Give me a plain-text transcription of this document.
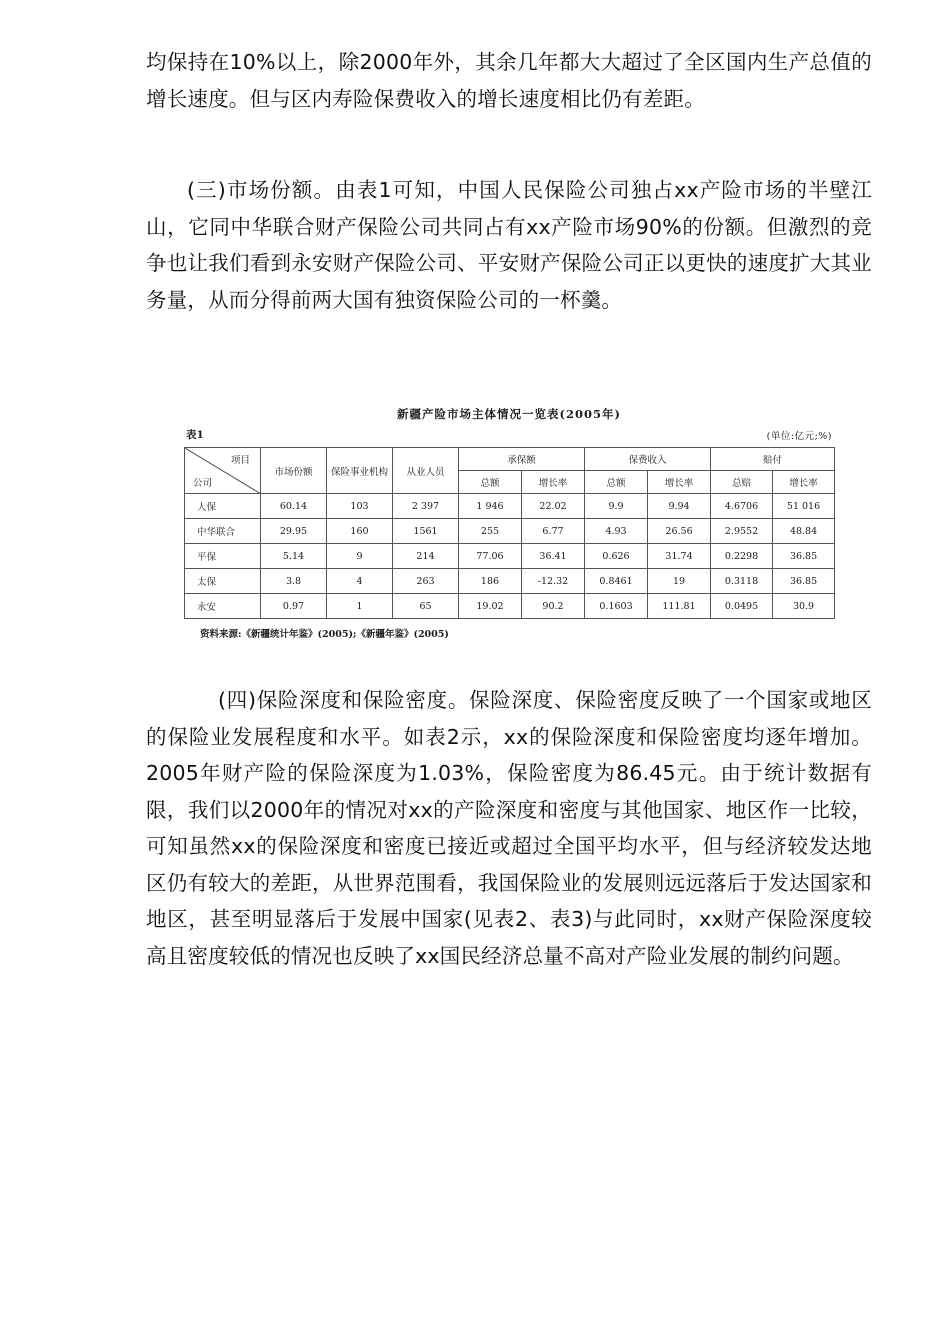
均保持在10%以上，除2000年外，其余几年都大大超过了全区国内生产总值的增长速度。但与区内寿险保费收入的增长速度相比仍有差距。

(三)市场份额。由表1可知，中国人民保险公司独占xx产险市场的半壁江山，它同中华联合财产保险公司共同占有xx产险市场90%的份额。但激烈的竞争也让我们看到永安财产保险公司、平安财产保险公司正以更快的速度扩大其业务量，从而分得前两大国有独资保险公司的一杯羹。

新疆产险市场主体情况一览表(2005年)
表1	(单位:亿元;%)
项目
公司	市场份额	保险事业机构	从业人员	承保额		保费收入		赔付	
				总额	增长率	总额	增长率	总赔	增长率
人保	60.14	103	2 397	1 946	22.02	9.9	9.94	4.6706	51 016
中华联合	29.95	160	1561	255	6.77	4.93	26.56	2.9552	48.84
平保	5.14	9	214	77.06	36.41	0.626	31.74	0.2298	36.85
太保	3.8	4	263	186	-12.32	0.8461	19	0.3118	36.85
永安	0.97	1	65	19.02	90.2	0.1603	111.81	0.0495	30.9
资料来源:《新疆统计年鉴》(2005);《新疆年鉴》(2005)

(四)保险深度和保险密度。保险深度、保险密度反映了一个国家或地区的保险业发展程度和水平。如表2示，xx的保险深度和保险密度均逐年增加。2005年财产险的保险深度为1.03%，保险密度为86.45元。由于统计数据有限，我们以2000年的情况对xx的产险深度和密度与其他国家、地区作一比较，可知虽然xx的保险深度和密度已接近或超过全国平均水平，但与经济较发达地区仍有较大的差距，从世界范围看，我国保险业的发展则远远落后于发达国家和地区，甚至明显落后于发展中国家(见表2、表3)与此同时，xx财产保险深度较高且密度较低的情况也反映了xx国民经济总量不高对产险业发展的制约问题。
